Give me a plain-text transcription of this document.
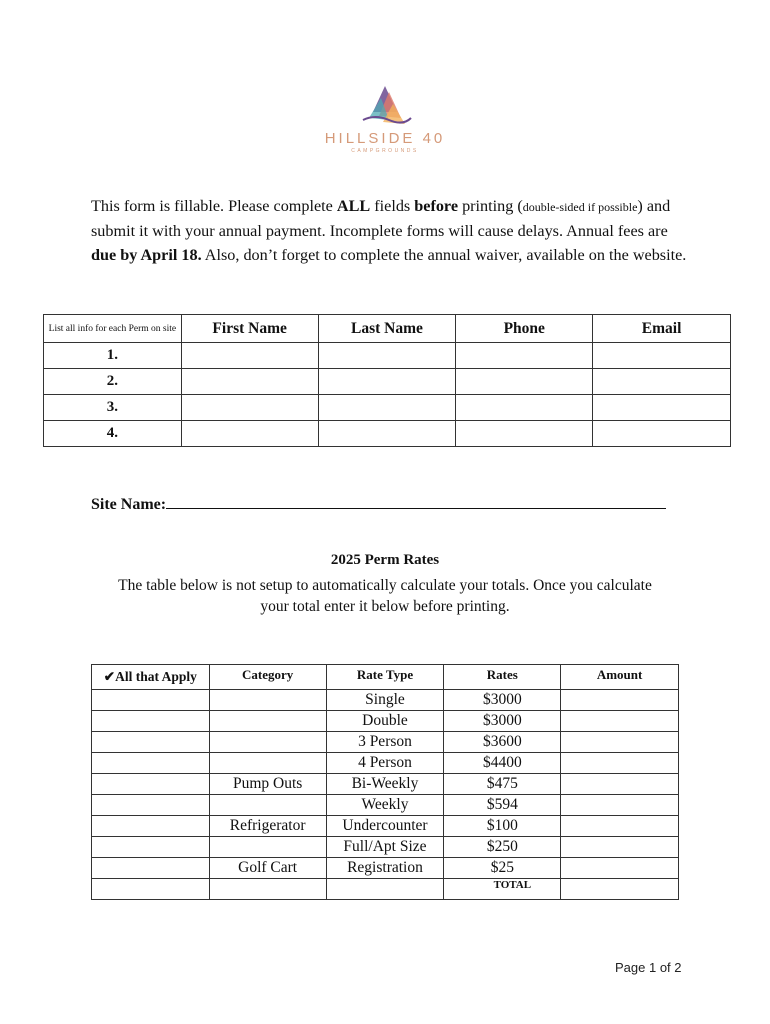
HILLSIDE 40
CAMPGROUNDS
This form is fillable. Please complete ALL fields before printing (double-sided if possible) and submit it with your annual payment. Incomplete forms will cause delays. Annual fees are due by April 18. Also, don’t forget to complete the annual waiver, available on the website.
List all info for each Perm on site	First Name	Last Name	Phone	Email
1.				
2.				
3.				
4.				
Site Name:
2025 Perm Rates
The table below is not setup to automatically calculate your totals. Once you calculate your total enter it below before printing.
✔All that Apply	Category	Rate Type	Rates	Amount
		Single	$3000	
		Double	$3000	
		3 Person	$3600	
		4 Person	$4400	
	Pump Outs	Bi-Weekly	$475	
		Weekly	$594	
	Refrigerator	Undercounter	$100	
		Full/Apt Size	$250	
	Golf Cart	Registration	$25	
			TOTAL	
Page 1 of 2
